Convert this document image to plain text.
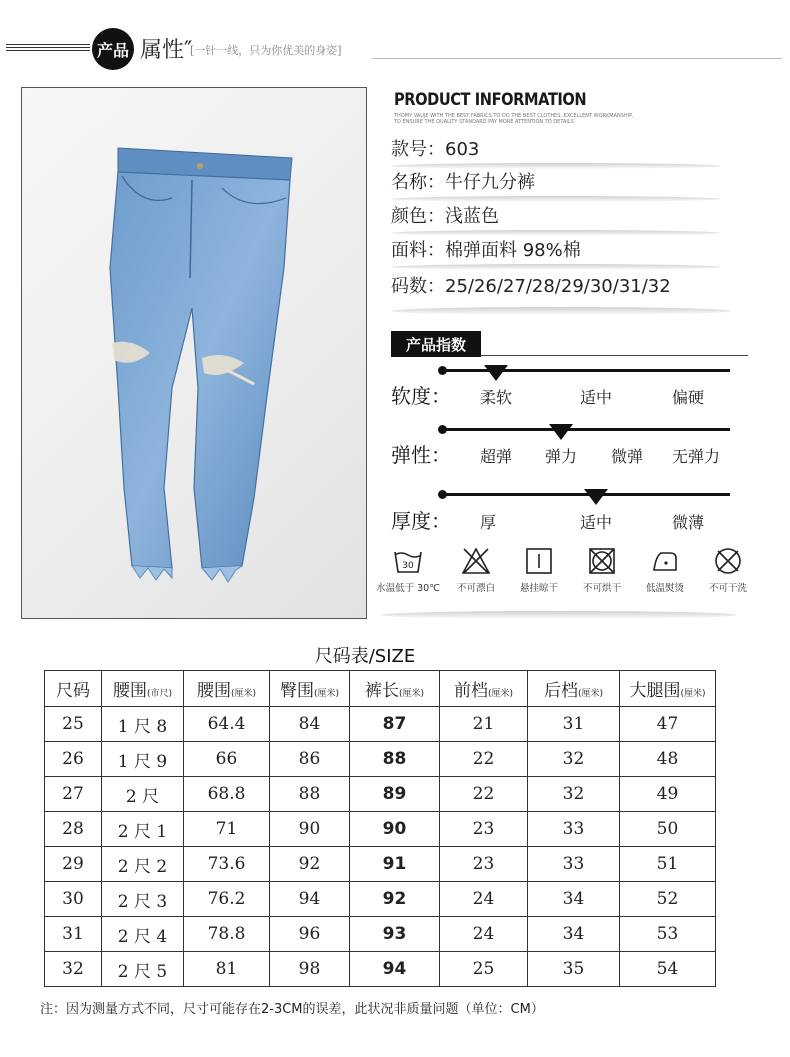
产品 属性″
[一针一线，只为你优美的身姿]
PRODUCT INFORMATION
THOMY VAUJE WITH THE BEST FABRICS TO DO THE BEST CLOTHES, EXCELLENT WORKMANSHIP, TO ENSURE THE QUALITY STANDARD PAY MORE ATTENTION TO DETAILS
款号：603
名称：牛仔九分裤
颜色：浅蓝色
面料：棉弹面料 98%棉
码数：25/26/27/28/29/30/31/32
产品指数
软度： 柔软	适中	偏硬
弹性： 超弹 弹力 微弹 无弹力
厚度： 厚	适中	微薄
30
水温低于 30℃	不可漂白	悬挂晾干	不可烘干	低温熨烫	不可干洗
尺码表/SIZE
尺码	腰围(市尺)	腰围(厘米)	臀围(厘米)	裤长(厘米)	前档(厘米)	后档(厘米)	大腿围(厘米)
25	1 尺 8	64.4	84	87	21	31	47
26	1 尺 9	66	86	88	22	32	48
27	2 尺	68.8	88	89	22	32	49
28	2 尺 1	71	90	90	23	33	50
29	2 尺 2	73.6	92	91	23	33	51
30	2 尺 3	76.2	94	92	24	34	52
31	2 尺 4	78.8	96	93	24	34	53
32	2 尺 5	81	98	94	25	35	54
注：因为测量方式不同，尺寸可能存在2-3CM的误差，此状况非质量问题（单位：CM）
